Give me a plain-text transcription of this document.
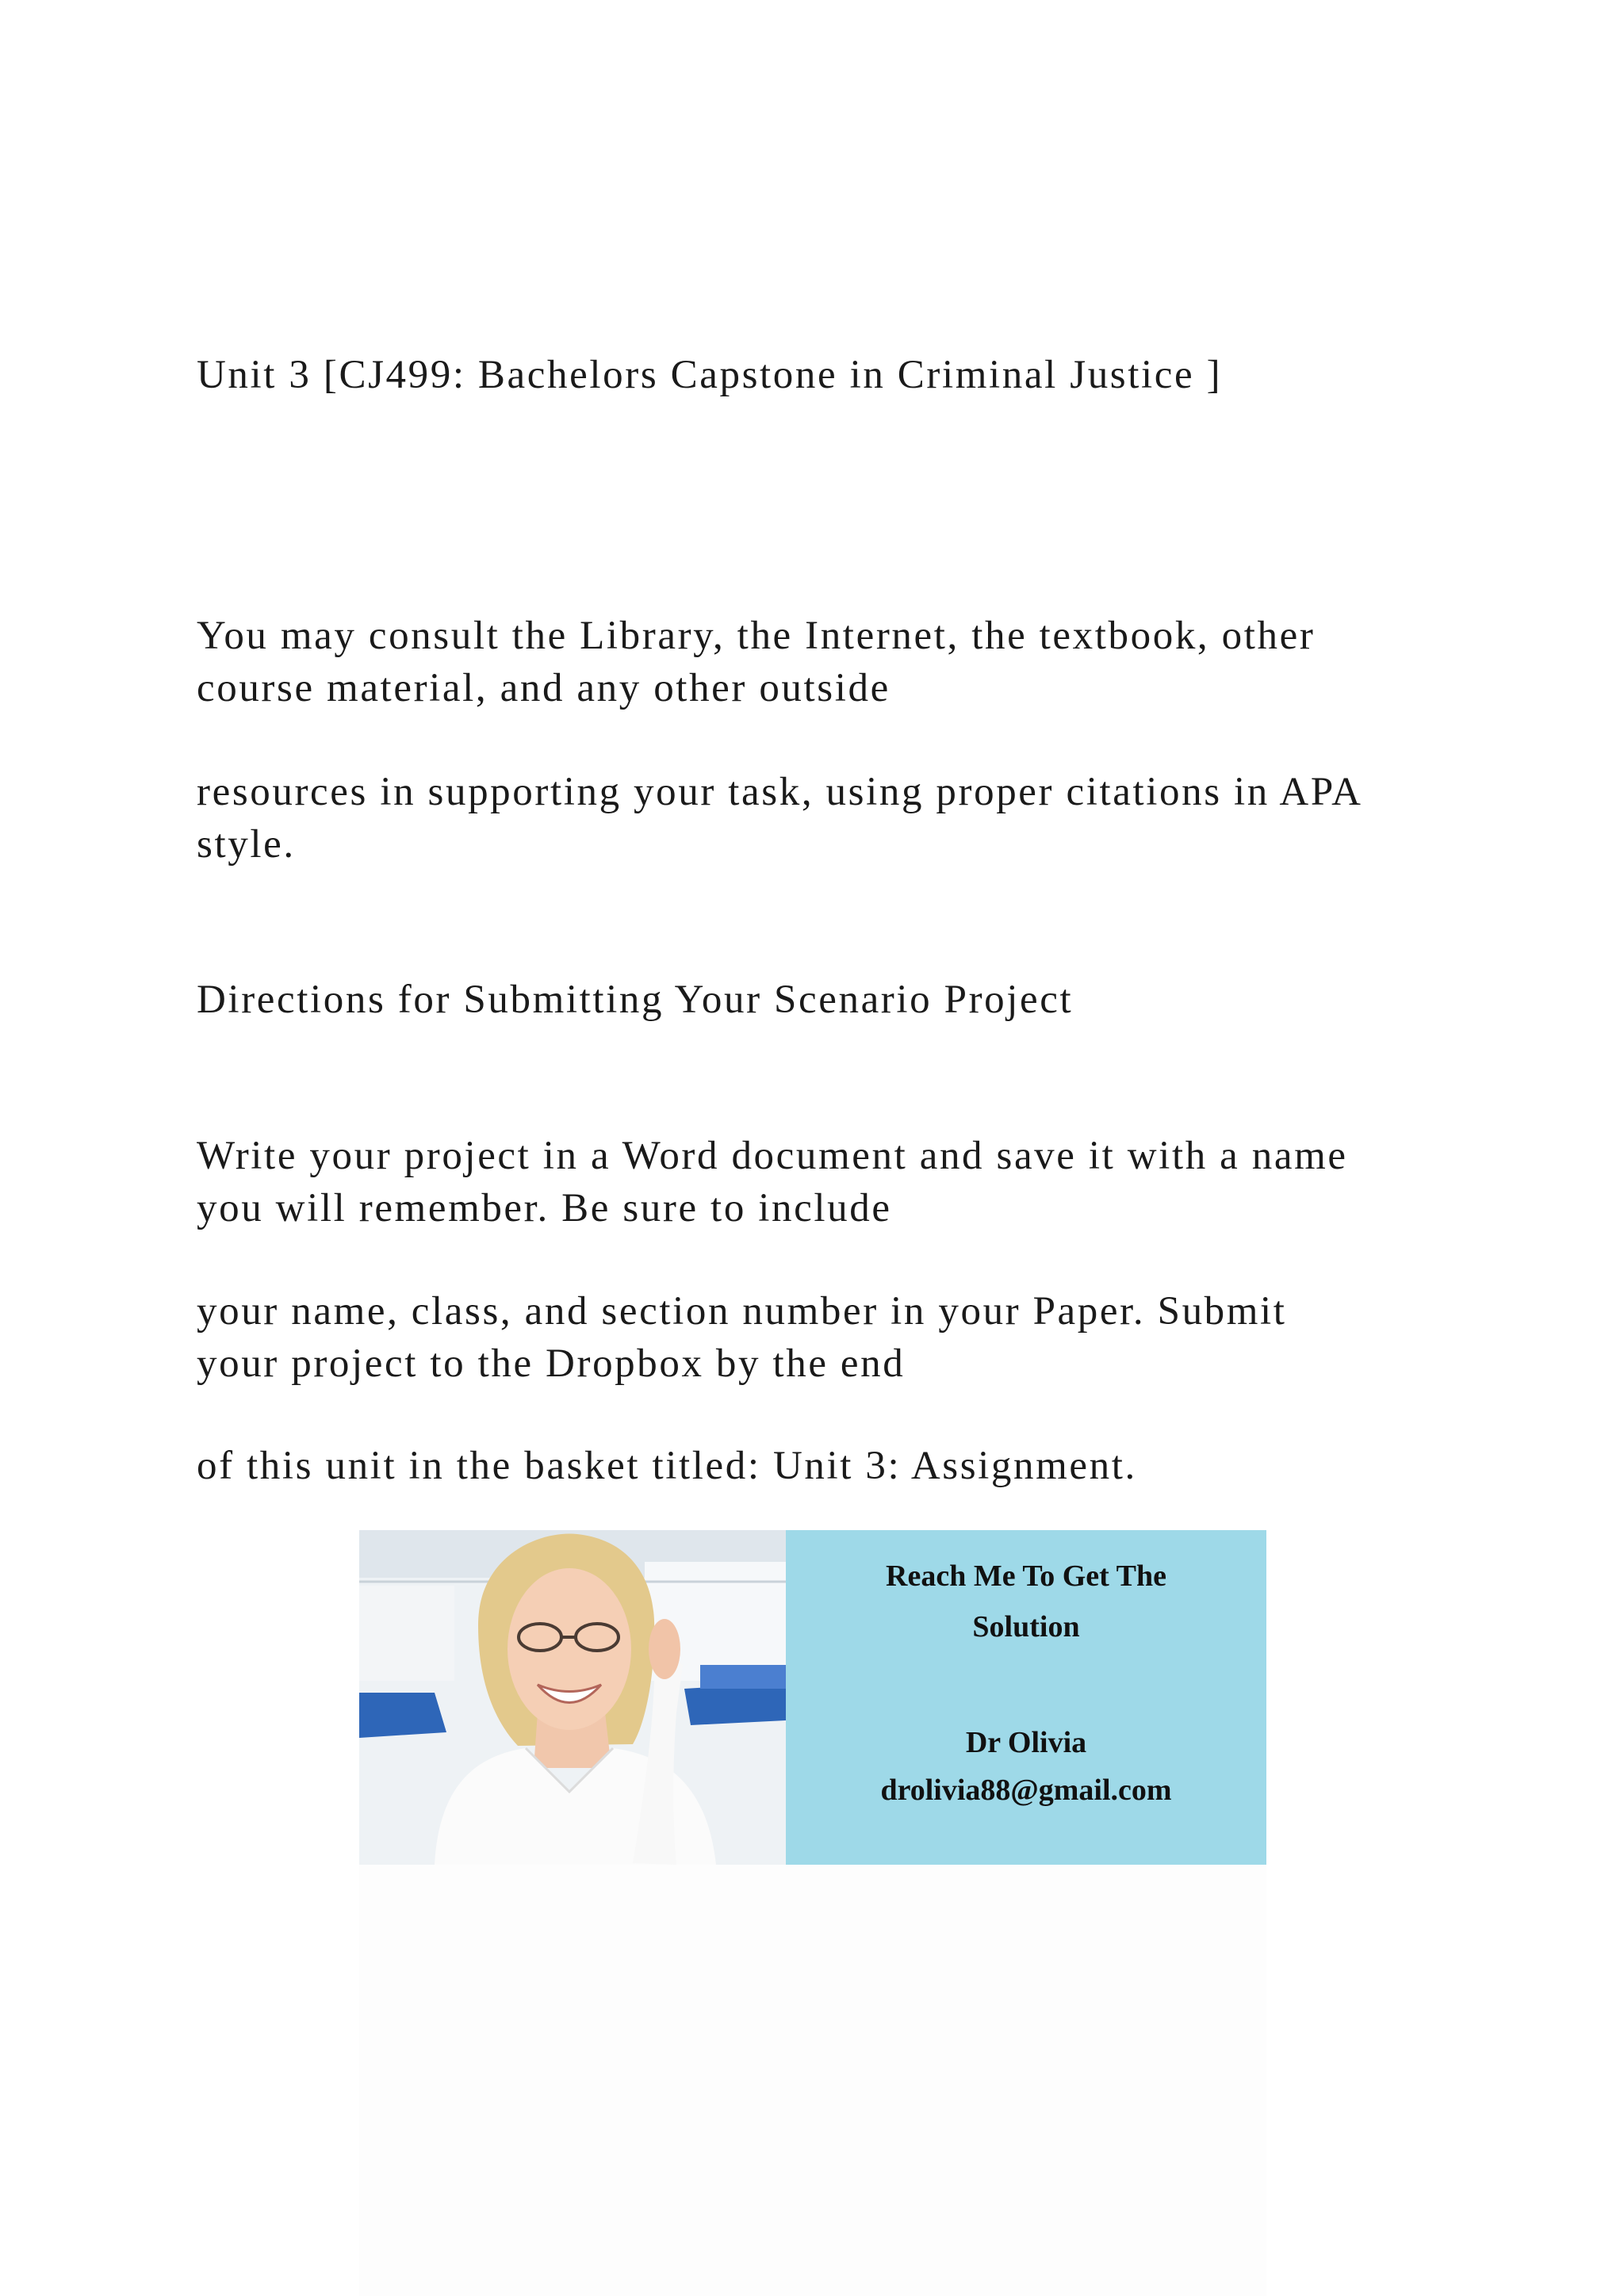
Unit 3 [CJ499: Bachelors Capstone in Criminal Justice ]

You may consult the Library, the Internet, the textbook, other
course material, and any other outside

resources in supporting your task, using proper citations in APA
style.

Directions for Submitting Your Scenario Project

Write your project in a Word document and save it with a name
you will remember. Be sure to include

your name, class, and section number in your Paper. Submit
your project to the Dropbox by the end

of this unit in the basket titled: Unit 3: Assignment.

Reach Me To Get The
Solution
Dr Olivia
drolivia88@gmail.com
